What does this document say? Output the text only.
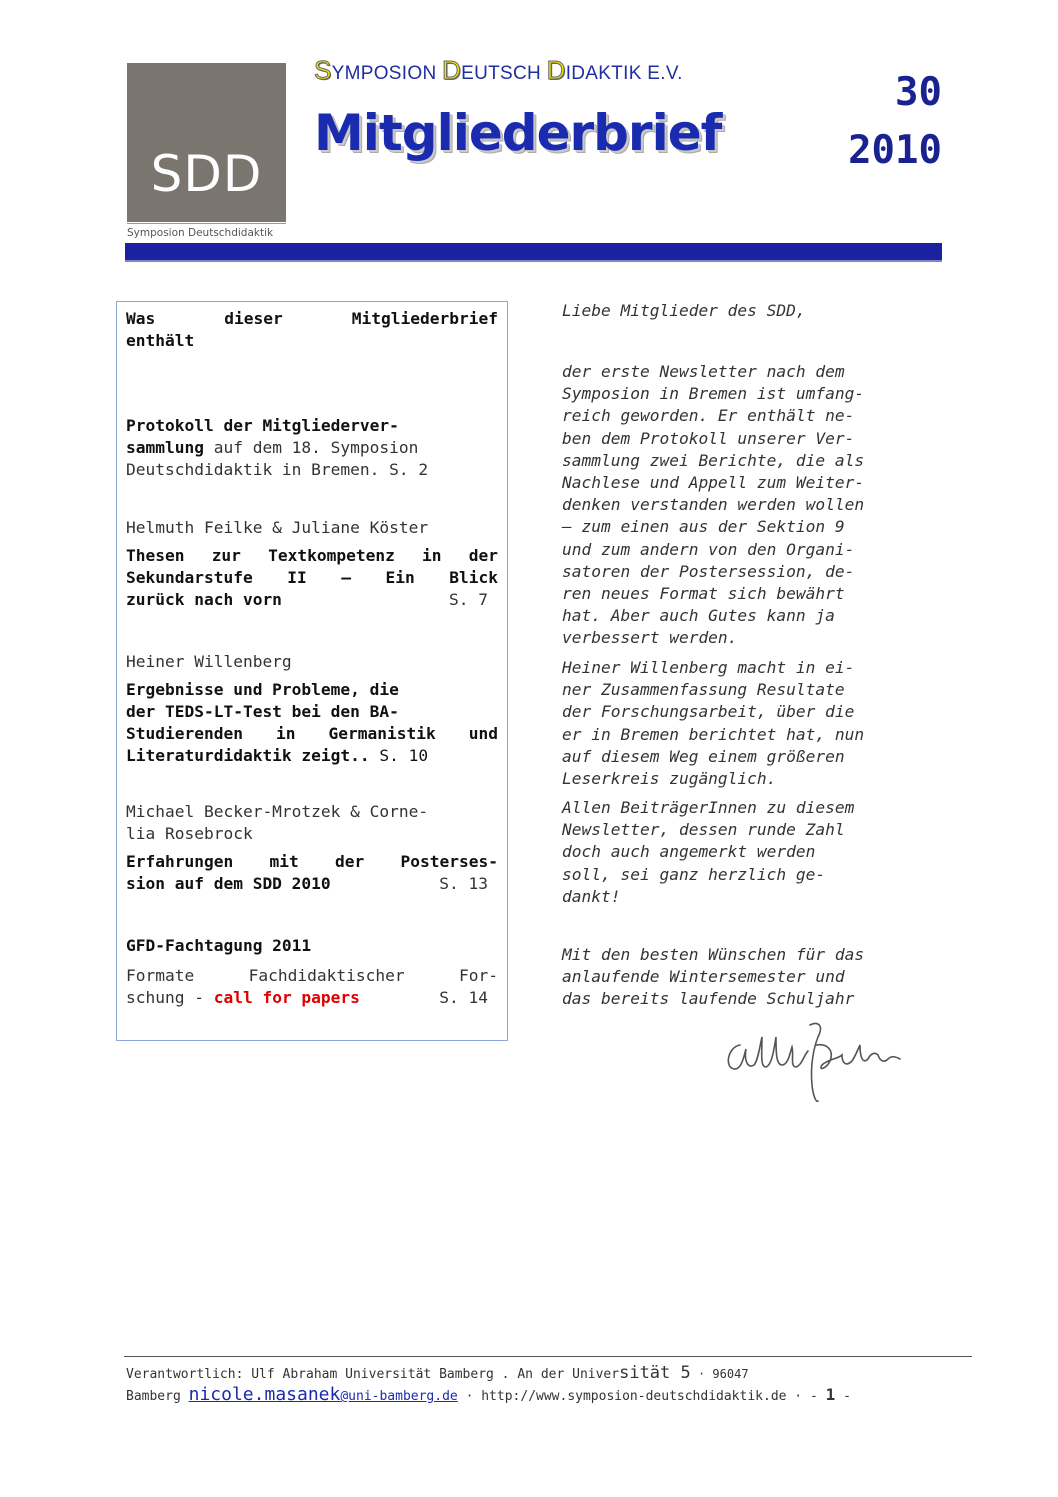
SDD
Symposion Deutschdidaktik
SYMPOSION DEUTSCH DIDAKTIK E.V.
Mitgliederbrief
30
2010
Was dieser Mitgliederbrief
enthält
Protokoll der Mitgliederver-
sammlung auf dem 18. Symposion
Deutschdidaktik in Bremen. S. 2
Helmuth Feilke & Juliane Köster
Thesen zur Textkompetenz in der
Sekundarstufe II – Ein Blick
zurück nach vorn	S. 7
Heiner Willenberg
Ergebnisse und Probleme, die
der TEDS-LT-Test bei den BA-
Studierenden in Germanistik und
Literaturdidaktik zeigt.. S. 10
Michael Becker-Mrotzek & Corne-
lia Rosebrock
Erfahrungen mit der Posterses-
sion auf dem SDD 2010	S. 13
GFD-Fachtagung 2011
Formate Fachdidaktischer For-
schung - call for papers	S. 14
Liebe Mitglieder des SDD,
der erste Newsletter nach dem
Symposion in Bremen ist umfang-
reich geworden. Er enthält ne-
ben dem Protokoll unserer Ver-
sammlung zwei Berichte, die als
Nachlese und Appell zum Weiter-
denken verstanden werden wollen
– zum einen aus der Sektion 9
und zum andern von den Organi-
satoren der Postersession, de-
ren neues Format sich bewährt
hat. Aber auch Gutes kann ja
verbessert werden.
Heiner Willenberg macht in ei-
ner Zusammenfassung Resultate
der Forschungsarbeit, über die
er in Bremen berichtet hat, nun
auf diesem Weg einem größeren
Leserkreis zugänglich.
Allen BeiträgerInnen zu diesem
Newsletter, dessen runde Zahl
doch auch angemerkt werden
soll, sei ganz herzlich ge-
dankt!
Mit den besten Wünschen für das
anlaufende Wintersemester und
das bereits laufende Schuljahr
Verantwortlich: Ulf Abraham Universität Bamberg . An der Universität 5 · 96047
Bamberg nicole.masanek@uni-bamberg.de · http://www.symposion-deutschdidaktik.de · - 1 -
